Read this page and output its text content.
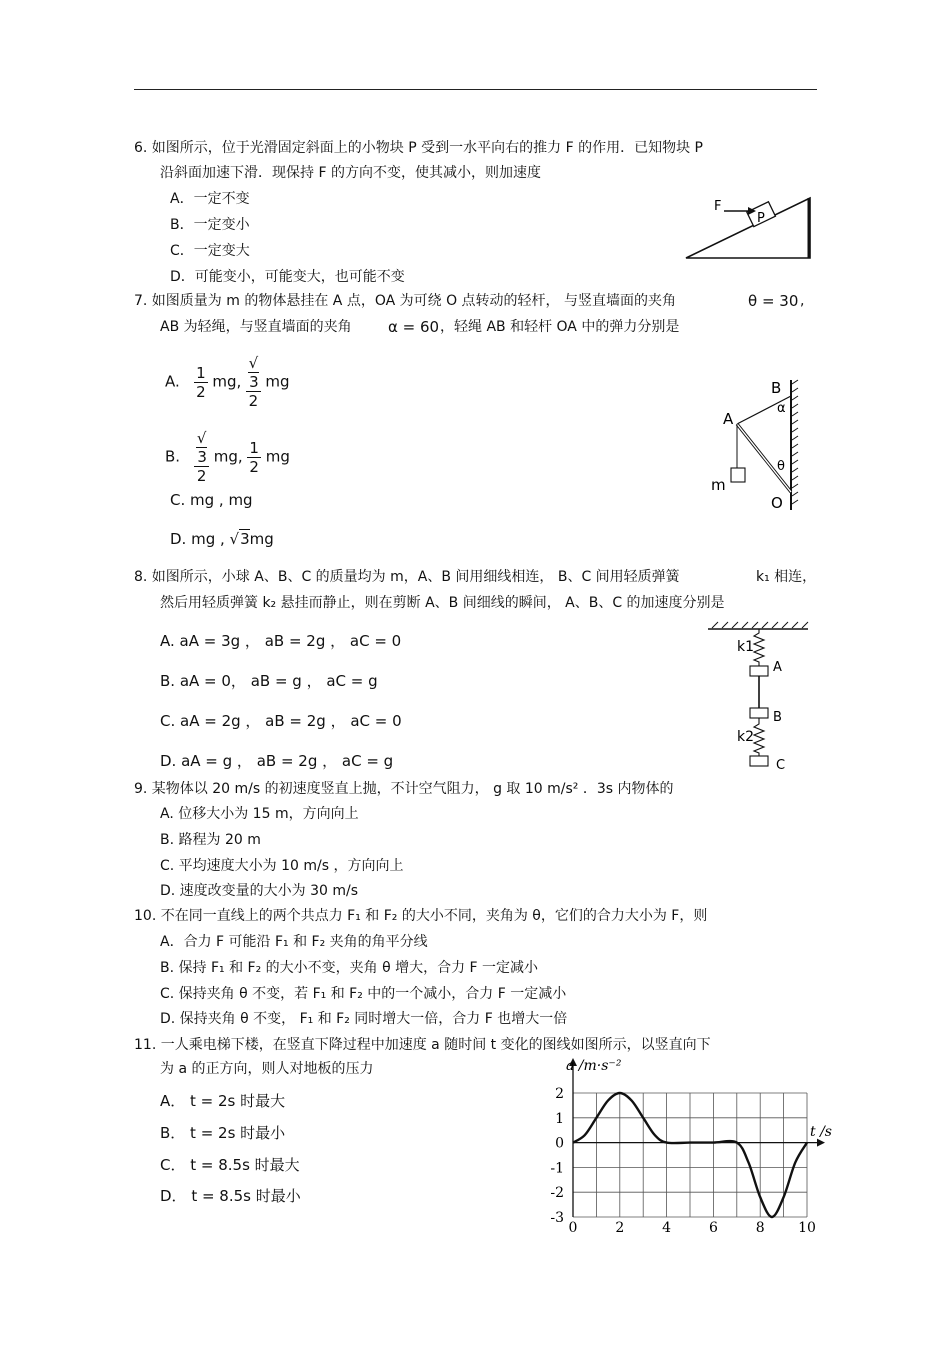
6. 如图所示，位于光滑固定斜面上的小物块 P 受到一水平向右的推力 F 的作用．已知物块 P
沿斜面加速下滑．现保持 F 的方向不变，使其减小，则加速度
A．一定不变
B．一定变小
C．一定变大
D．可能变小，可能变大，也可能不变
P
F
7. 如图质量为 m 的物体悬挂在 A 点，OA 为可绕 O 点转动的轻杆， 与竖直墙面的夹角	θ = 30 ,
AB 为轻绳，与竖直墙面的夹角 α = 60 ，轻绳 AB 和轻杆 OA 中的弹力分别是
A. $\frac{1}{2}$ mg, √
3
2 mg
B. √
3
2 mg, $\frac{1}{2}$ mg
C. mg , mg
D. mg , √3mg
B
α
A
θ
m
O
8. 如图所示，小球 A、B、C 的质量均为 m，A、B 间用细线相连， B、C 间用轻质弹簧	k₁ 相连，
然后用轻质弹簧 k₂ 悬挂而静止，则在剪断 A、B 间细线的瞬间， A、B、C 的加速度分别是
A. aA = 3g ， aB = 2g ， aC = 0
B. aA = 0， aB = g ， aC = g
C. aA = 2g ， aB = 2g ， aC = 0
D. aA = g ， aB = 2g ， aC = g
k1
A
B
k2
C
9. 某物体以 20 m/s 的初速度竖直上抛，不计空气阻力， g 取 10 m/s² ．3s 内物体的
A. 位移大小为 15 m，方向向上
B. 路程为 20 m
C. 平均速度大小为 10 m/s ，方向向上
D. 速度改变量的大小为 30 m/s
10. 不在同一直线上的两个共点力 F₁ 和 F₂ 的大小不同，夹角为 θ，它们的合力大小为 F，则
A．合力 F 可能沿 F₁ 和 F₂ 夹角的角平分线
B. 保持 F₁ 和 F₂ 的大小不变，夹角 θ 增大，合力 F 一定减小
C. 保持夹角 θ 不变，若 F₁ 和 F₂ 中的一个减小，合力 F 一定减小
D. 保持夹角 θ 不变， F₁ 和 F₂ 同时增大一倍，合力 F 也增大一倍
11. 一人乘电梯下楼，在竖直下降过程中加速度 a 随时间 t 变化的图线如图所示，以竖直向下
为 a 的正方向，则人对地板的压力
A． t = 2s 时最大
B． t = 2s 时最小
C． t = 8.5s 时最大
D． t = 8.5s 时最小
2
1
0
-1
-2
-3
0	2	4	6	8 10
a /m·s⁻²
t /s
